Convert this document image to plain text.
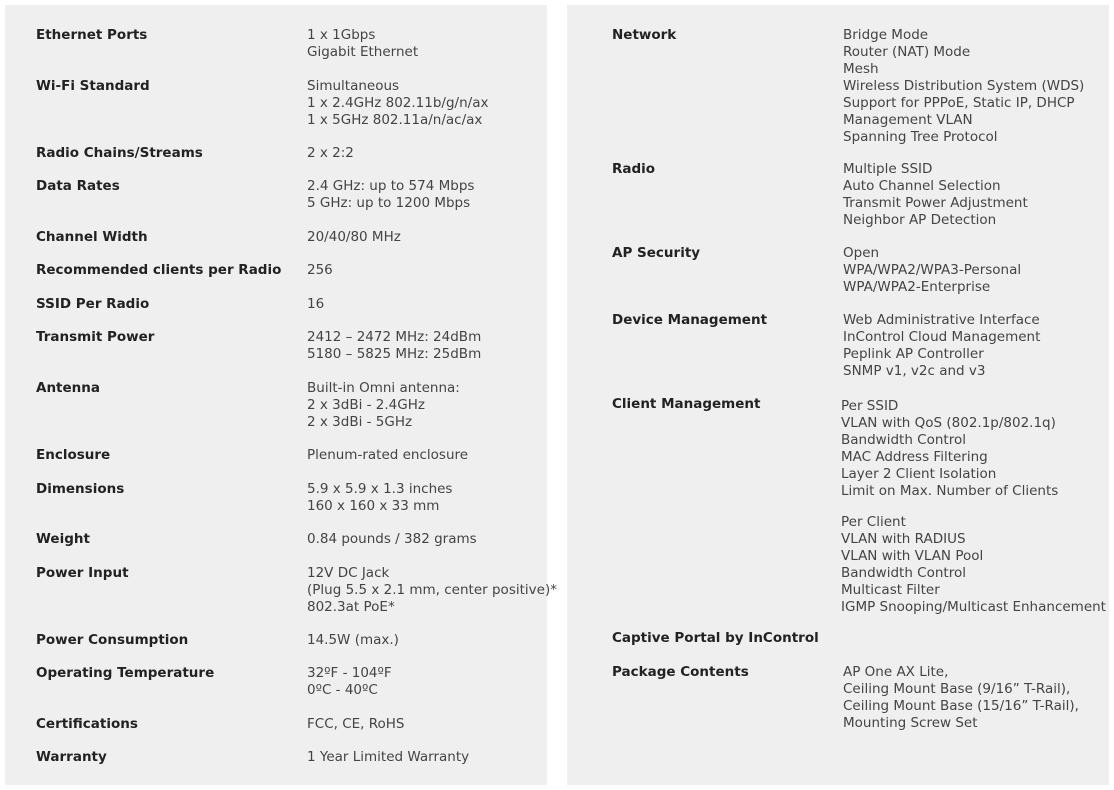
Ethernet Ports	1 x 1Gbps
Gigabit Ethernet
Wi-Fi Standard	Simultaneous
1 x 2.4GHz 802.11b/g/n/ax
1 x 5GHz 802.11a/n/ac/ax
Radio Chains/Streams	2 x 2:2
Data Rates	2.4 GHz: up to 574 Mbps
5 GHz: up to 1200 Mbps
Channel Width	20/40/80 MHz
Recommended clients per Radio 256
SSID Per Radio	16
Transmit Power	2412 – 2472 MHz: 24dBm
5180 – 5825 MHz: 25dBm
Antenna	Built-in Omni antenna:
2 x 3dBi - 2.4GHz
2 x 3dBi - 5GHz
Enclosure	Plenum-rated enclosure
Dimensions	5.9 x 5.9 x 1.3 inches
160 x 160 x 33 mm
Weight	0.84 pounds / 382 grams
Power Input	12V DC Jack
(Plug 5.5 x 2.1 mm, center positive)*
802.3at PoE*
Power Consumption	14.5W (max.)
Operating Temperature	32ºF - 104ºF
0ºC - 40ºC
Certifications	FCC, CE, RoHS
Warranty	1 Year Limited Warranty
Network	Bridge Mode
Router (NAT) Mode
Mesh
Wireless Distribution System (WDS)
Support for PPPoE, Static IP, DHCP
Management VLAN
Spanning Tree Protocol
Radio	Multiple SSID
Auto Channel Selection
Transmit Power Adjustment
Neighbor AP Detection
AP Security	Open
WPA/WPA2/WPA3-Personal
WPA/WPA2-Enterprise
Device Management	Web Administrative Interface
InControl Cloud Management
Peplink AP Controller
SNMP v1, v2c and v3
Client Management	Per SSID
VLAN with QoS (802.1p/802.1q)
Bandwidth Control
MAC Address Filtering
Layer 2 Client Isolation
Limit on Max. Number of Clients
Per Client
VLAN with RADIUS
VLAN with VLAN Pool
Bandwidth Control
Multicast Filter
IGMP Snooping/Multicast Enhancement
Captive Portal by InControl
Package Contents	AP One AX Lite,
Ceiling Mount Base (9/16” T-Rail),
Ceiling Mount Base (15/16” T-Rail),
Mounting Screw Set
